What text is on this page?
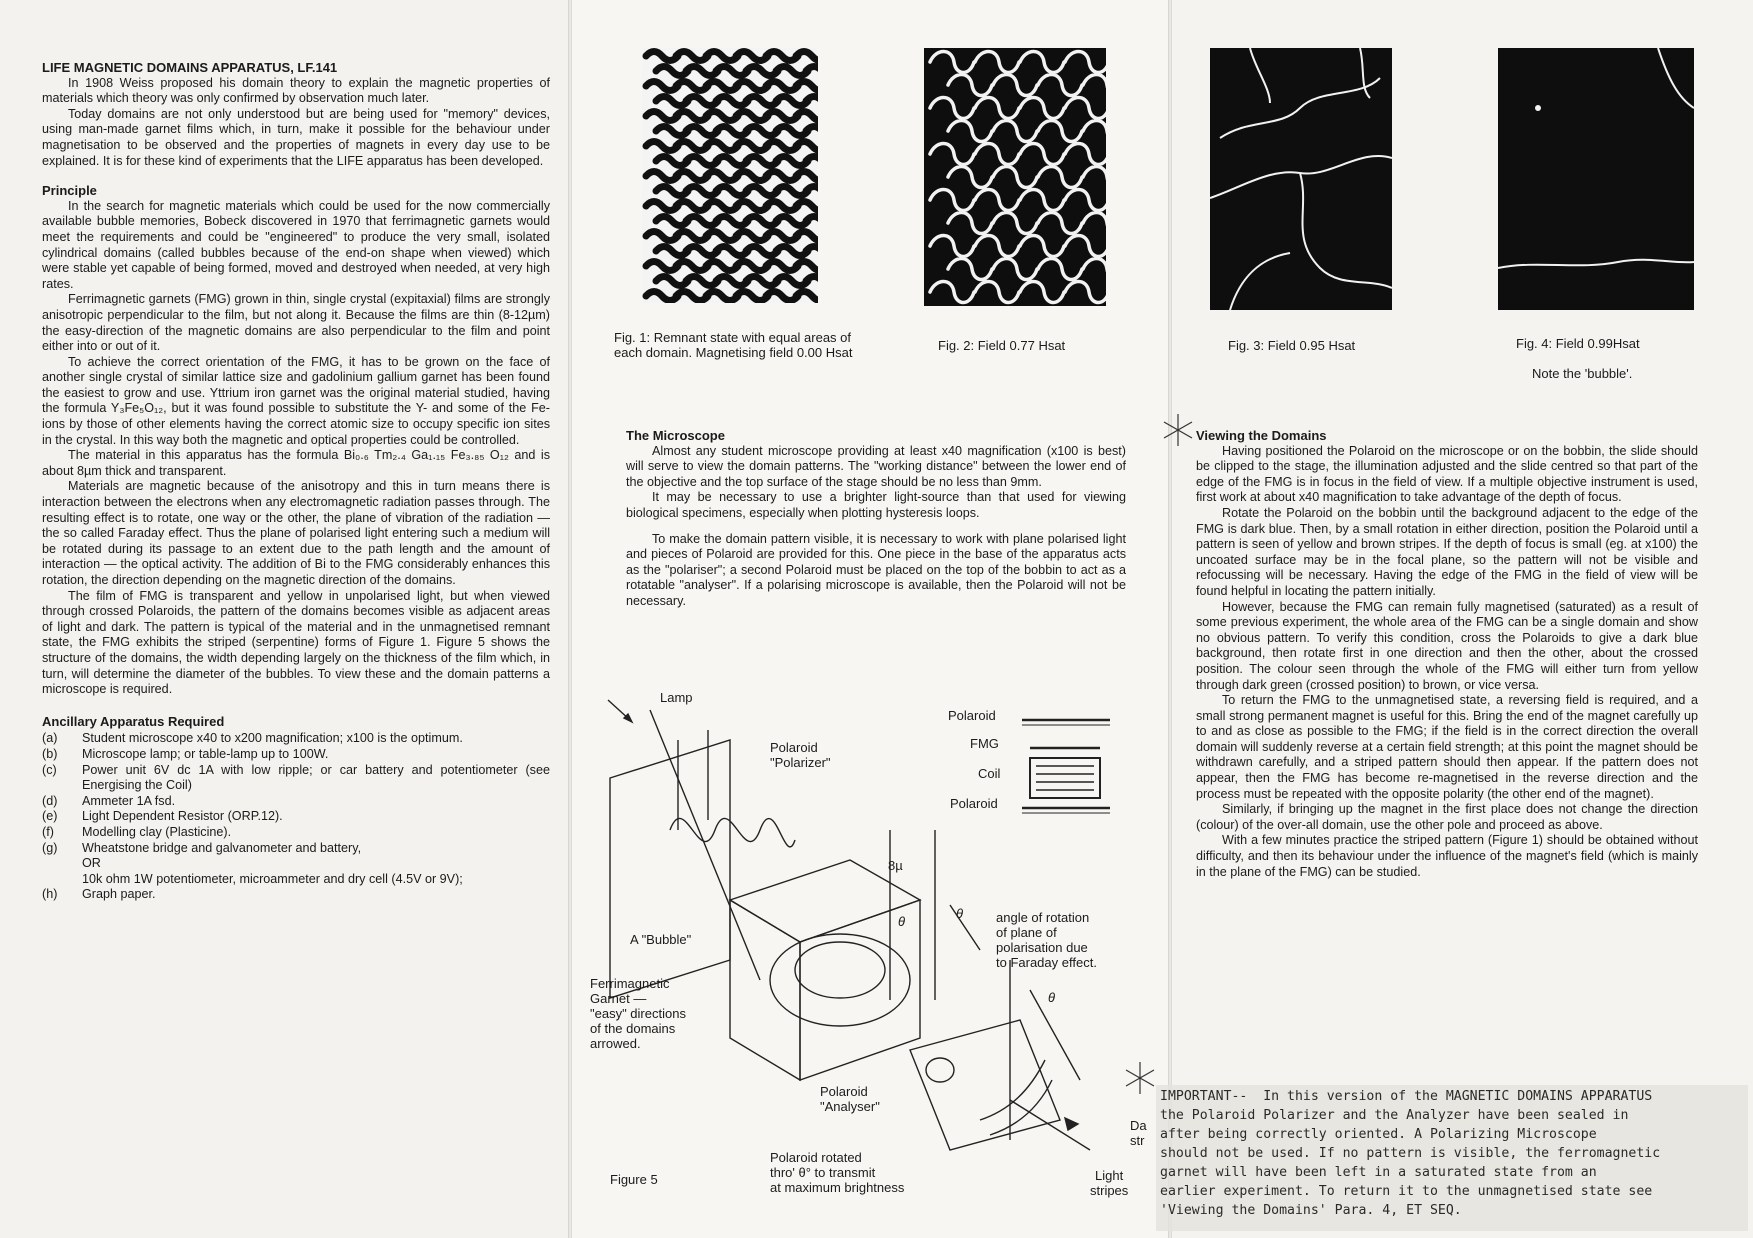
LIFE MAGNETIC DOMAINS APPARATUS, LF.141

In 1908 Weiss proposed his domain theory to explain the magnetic properties of materials which theory was only confirmed by observation much later.

Today domains are not only understood but are being used for "memory" devices, using man-made garnet films which, in turn, make it possible for the behaviour under magnetisation to be observed and the properties of magnets in every day use to be explained. It is for these kind of experiments that the LIFE apparatus has been developed.

Principle

In the search for magnetic materials which could be used for the now commercially available bubble memories, Bobeck discovered in 1970 that ferrimagnetic garnets would meet the requirements and could be "engineered" to produce the very small, isolated cylindrical domains (called bubbles because of the end-on shape when viewed) which were stable yet capable of being formed, moved and destroyed when needed, at very high rates.

Ferrimagnetic garnets (FMG) grown in thin, single crystal (expitaxial) films are strongly anisotropic perpendicular to the film, but not along it. Because the films are thin (8-12µm) the easy-direction of the magnetic domains are also perpendicular to the film and point either into or out of it.

To achieve the correct orientation of the FMG, it has to be grown on the face of another single crystal of similar lattice size and gadolinium gallium garnet has been found the easiest to grow and use. Yttrium iron garnet was the original material studied, having the formula Y₃Fe₅O₁₂, but it was found possible to substitute the Y- and some of the Fe- ions by those of other elements having the correct atomic size to occupy specific ion sites in the crystal. In this way both the magnetic and optical properties could be controlled.

The material in this apparatus has the formula Bi₀.₆ Tm₂.₄ Ga₁.₁₅ Fe₃.₈₅ O₁₂ and is about 8µm thick and transparent.

Materials are magnetic because of the anisotropy and this in turn means there is interaction between the electrons when any electromagnetic radiation passes through. The resulting effect is to rotate, one way or the other, the plane of vibration of the radiation — the so called Faraday effect. Thus the plane of polarised light entering such a medium will be rotated during its passage to an extent due to the path length and the amount of interaction — the optical activity. The addition of Bi to the FMG considerably enhances this rotation, the direction depending on the magnetic direction of the domains.

The film of FMG is transparent and yellow in unpolarised light, but when viewed through crossed Polaroids, the pattern of the domains becomes visible as adjacent areas of light and dark. The pattern is typical of the material and in the unmagnetised remnant state, the FMG exhibits the striped (serpentine) forms of Figure 1. Figure 5 shows the structure of the domains, the width depending largely on the thickness of the film which, in turn, will determine the diameter of the bubbles. To view these and the domain patterns a microscope is required.

Ancillary Apparatus Required
(a) Student microscope x40 to x200 magnification; x100 is the optimum.
(b) Microscope lamp; or table-lamp up to 100W.
(c) Power unit 6V dc 1A with low ripple; or car battery and potentiometer (see Energising the Coil)
(d) Ammeter 1A fsd.
(e) Light Dependent Resistor (ORP.12).
(f) Modelling clay (Plasticine).
(g) Wheatstone bridge and galvanometer and battery,
OR
10k ohm 1W potentiometer, microammeter and dry cell (4.5V or 9V);
(h) Graph paper.
Fig. 1: Remnant state with equal areas of each domain. Magnetising field 0.00 Hsat	Fig. 2: Field 0.77 Hsat	Fig. 3: Field 0.95 Hsat	Fig. 4: Field 0.99Hsat
Note the 'bubble'.
The Microscope

Almost any student microscope providing at least x40 magnification (x100 is best) will serve to view the domain patterns. The "working distance" between the lower end of the objective and the top surface of the stage should be no less than 9mm.

It may be necessary to use a brighter light-source than that used for viewing biological specimens, especially when plotting hysteresis loops.

To make the domain pattern visible, it is necessary to work with plane polarised light and pieces of Polaroid are provided for this. One piece in the base of the apparatus acts as the "polariser"; a second Polaroid must be placed on the top of the bobbin to act as a rotatable "analyser". If a polarising microscope is available, then the Polaroid will not be necessary.

Lamp
Polaroid
"Polarizer"
Polaroid
FMG
Coil
Polaroid
8µ
A "Bubble"
θ
θ
θ
angle of rotation
of plane of
polarisation due
to Faraday effect.
Ferrimagnetic
Garnet —
"easy" directions
of the domains
arrowed.
Polaroid
"Analyser"
Polaroid rotated
thro' θ° to transmit
at maximum brightness
Figure 5	Light
stripes
Da
str
Viewing the Domains

Having positioned the Polaroid on the microscope or on the bobbin, the slide should be clipped to the stage, the illumination adjusted and the slide centred so that part of the edge of the FMG is in focus in the field of view. If a multiple objective instrument is used, first work at about x40 magnification to take advantage of the depth of focus.

Rotate the Polaroid on the bobbin until the background adjacent to the edge of the FMG is dark blue. Then, by a small rotation in either direction, position the Polaroid until a pattern is seen of yellow and brown stripes. If the depth of focus is small (eg. at x100) the uncoated surface may be in the focal plane, so the pattern will not be visible and refocussing will be necessary. Having the edge of the FMG in the field of view will be found helpful in locating the pattern initially.

However, because the FMG can remain fully magnetised (saturated) as a result of some previous experiment, the whole area of the FMG can be a single domain and show no obvious pattern. To verify this condition, cross the Polaroids to give a dark blue background, then rotate first in one direction and then the other, about the crossed position. The colour seen through the whole of the FMG will either turn from yellow through dark green (crossed position) to brown, or vice versa.

To return the FMG to the unmagnetised state, a reversing field is required, and a small strong permanent magnet is useful for this. Bring the end of the magnet carefully up to and as close as possible to the FMG; if the field is in the correct direction the overall domain will suddenly reverse at a certain field strength; at this point the magnet should be withdrawn carefully, and a striped pattern should then appear. If the pattern does not appear, then the FMG has become re-magnetised in the reverse direction and the process must be repeated with the opposite polarity (the other end of the magnet).

Similarly, if bringing up the magnet in the first place does not change the direction (colour) of the over-all domain, use the other pole and proceed as above.

With a few minutes practice the striped pattern (Figure 1) should be obtained without difficulty, and then its behaviour under the influence of the magnet's field (which is mainly in the plane of the FMG) can be studied.

IMPORTANT--  In this version of the MAGNETIC DOMAINS APPARATUS
the Polaroid Polarizer and the Analyzer have been sealed in
after being correctly oriented. A Polarizing Microscope
should not be used. If no pattern is visible, the ferromagnetic
garnet will have been left in a saturated state from an
earlier experiment. To return it to the unmagnetised state see
'Viewing the Domains' Para. 4, ET SEQ.
